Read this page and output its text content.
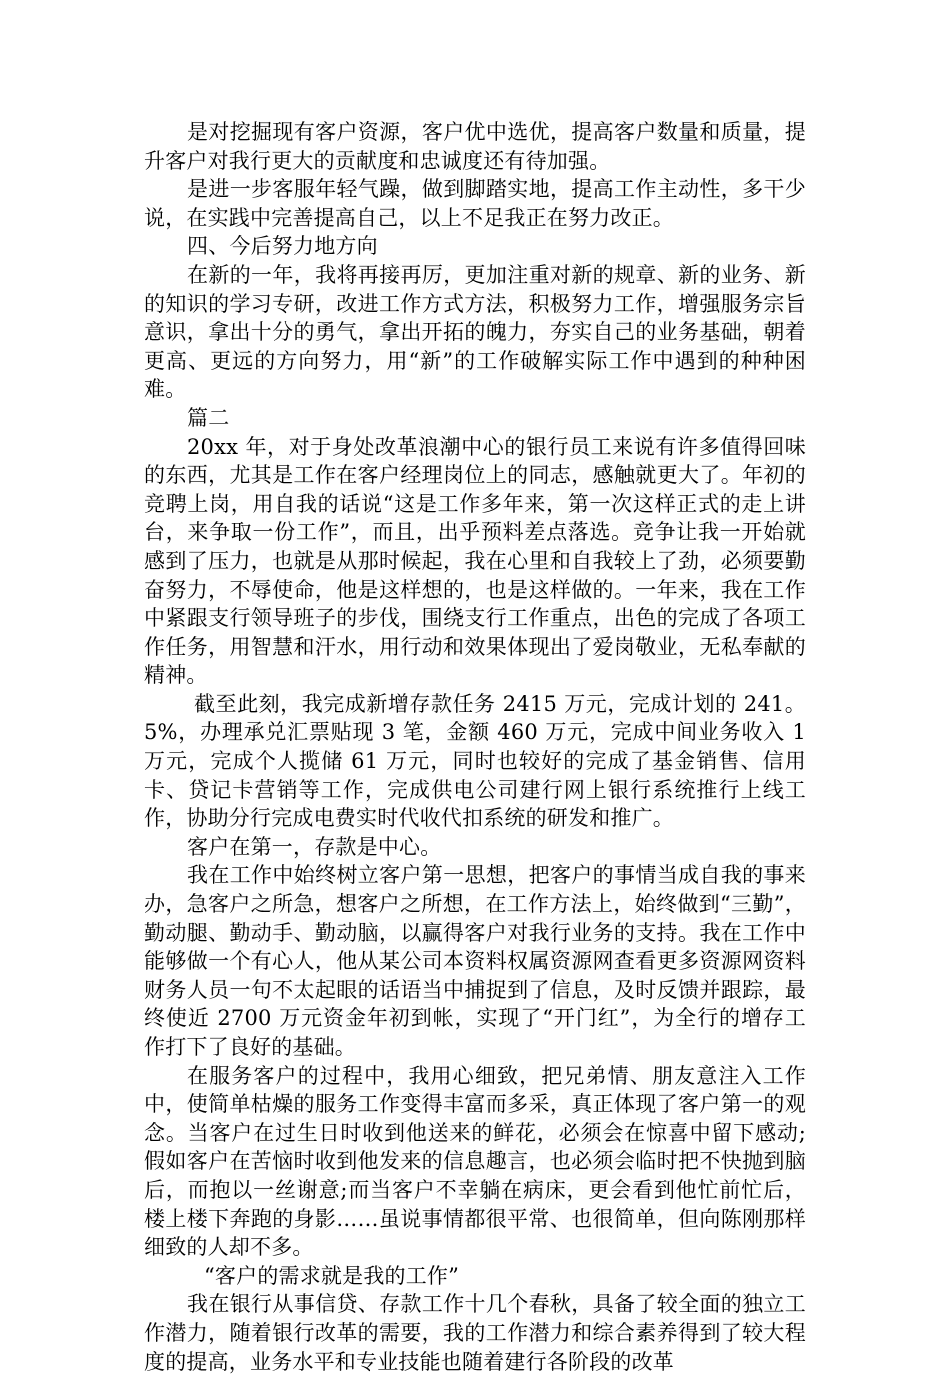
是对挖掘现有客户资源，客户优中选优，提高客户数量和质量，提升客户对我行更大的贡献度和忠诚度还有待加强。

是进一步客服年轻气躁，做到脚踏实地，提高工作主动性，多干少说，在实践中完善提高自己，以上不足我正在努力改正。

四、今后努力地方向

在新的一年，我将再接再厉，更加注重对新的规章、新的业务、新的知识的学习专研，改进工作方式方法，积极努力工作，增强服务宗旨意识，拿出十分的勇气，拿出开拓的魄力，夯实自己的业务基础，朝着更高、更远的方向努力，用“新”的工作破解实际工作中遇到的种种困难。

篇二

20xx 年，对于身处改革浪潮中心的银行员工来说有许多值得回味的东西，尤其是工作在客户经理岗位上的同志，感触就更大了。年初的竞聘上岗，用自我的话说“这是工作多年来，第一次这样正式的走上讲台，来争取一份工作”，而且，出乎预料差点落选。竞争让我一开始就感到了压力，也就是从那时候起，我在心里和自我较上了劲，必须要勤奋努力，不辱使命，他是这样想的，也是这样做的。一年来，我在工作中紧跟支行领导班子的步伐，围绕支行工作重点，出色的完成了各项工作任务，用智慧和汗水，用行动和效果体现出了爱岗敬业，无私奉献的精神。

截至此刻，我完成新增存款任务 2415 万元，完成计划的 241。5%，办理承兑汇票贴现 3 笔，金额 460 万元，完成中间业务收入 1 万元，完成个人揽储 61 万元，同时也较好的完成了基金销售、信用卡、贷记卡营销等工作，完成供电公司建行网上银行系统推行上线工作，协助分行完成电费实时代收代扣系统的研发和推广。

客户在第一，存款是中心。

我在工作中始终树立客户第一思想，把客户的事情当成自我的事来办，急客户之所急，想客户之所想，在工作方法上，始终做到“三勤”，勤动腿、勤动手、勤动脑，以赢得客户对我行业务的支持。我在工作中能够做一个有心人，他从某公司本资料权属资源网查看更多资源网资料财务人员一句不太起眼的话语当中捕捉到了信息，及时反馈并跟踪，最终使近 2700 万元资金年初到帐，实现了“开门红”，为全行的增存工作打下了良好的基础。

在服务客户的过程中，我用心细致，把兄弟情、朋友意注入工作中，使简单枯燥的服务工作变得丰富而多采，真正体现了客户第一的观念。当客户在过生日时收到他送来的鲜花，必须会在惊喜中留下感动;假如客户在苦恼时收到他发来的信息趣言，也必须会临时把不快抛到脑后，而抱以一丝谢意;而当客户不幸躺在病床，更会看到他忙前忙后，楼上楼下奔跑的身影……虽说事情都很平常、也很简单，但向陈刚那样细致的人却不多。

“客户的需求就是我的工作”

我在银行从事信贷、存款工作十几个春秋，具备了较全面的独立工作潜力，随着银行改革的需要，我的工作潜力和综合素养得到了较大程度的提高，业务水平和专业技能也随着建行各阶段的改革
